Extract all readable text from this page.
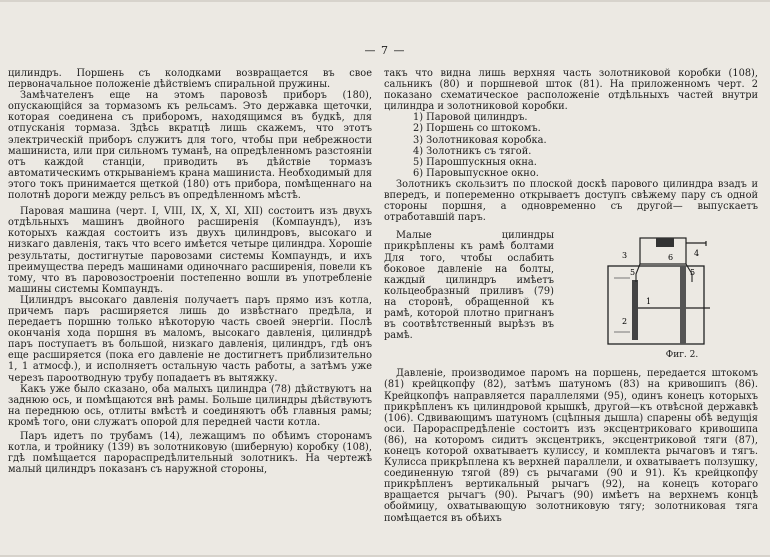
— 7 —

цилиндръ. Поршень съ колодками возвращается въ свое первоначальное положеніе дѣйствіемъ спиральной пружины.

Замѣчателенъ еще на этомъ паровозѣ приборъ (180), опускающійся за тормазомъ къ рельсамъ. Это державка щеточки, которая соединена съ приборомъ, находящимся въ будкѣ, для отпусканія тормаза. Здѣсь вкратцѣ лишь скажемъ, что этотъ электрическій приборъ служитъ для того, чтобы при небрежности машиниста, или при сильномъ туманѣ, на опредѣленномъ разстояніи отъ каждой станціи, приводить въ дѣйствіе тормазъ автоматическимъ открываніемъ крана машиниста. Необходимый для этого токъ принимается щеткой (180) отъ прибора, помѣщеннаго на полотнѣ дороги между рельсъ въ опредѣленномъ мѣстѣ.

Паровая машина (черт. I, VIII, IX, X, XI, XII) состоитъ изъ двухъ отдѣльныхъ машинъ двойного расширенія (Компаундъ), изъ которыхъ каждая состоитъ изъ двухъ цилиндровъ, высокаго и низкаго давленія, такъ что всего имѣется четыре цилиндра. Хорошіе результаты, достигнутые паровозами системы Компаундъ, и ихъ преимущества передъ машинами одиночнаго расширенія, повели къ тому, что въ паровозостроеніи постепенно вошли въ употребленіе машины системы Компаундъ.

Цилиндръ высокаго давленія получаетъ паръ прямо изъ котла, причемъ паръ расширяется лишь до извѣстнаго предѣла, и передаетъ поршню только нѣкоторую часть своей энергіи. Послѣ окончанія хода поршня въ маломъ, высокаго давленія, цилиндрѣ паръ поступаетъ въ большой, низкаго давленія, цилиндръ, гдѣ онъ еще расширяется (пока его давленіе не достигнетъ приблизительно 1, 1 атмосф.), и исполняетъ остальную часть работы, а затѣмъ уже черезъ пароотводную трубу попадаетъ въ вытяжку.

Какъ уже было сказано, оба малыхъ цилиндра (78) дѣйствуютъ на заднюю ось, и помѣщаются внѣ рамы. Больше цилиндры дѣйствуютъ на переднюю ось, отлиты вмѣстѣ и соединяютъ обѣ главныя рамы; кромѣ того, они служатъ опорой для передней части котла.

Паръ идетъ по трубамъ (14), лежащимъ по обѣимъ сторонамъ котла, и тройнику (139) въ золотниковую (шиберную) коробку (108), гдѣ помѣщается парораспредѣлительный золотникъ. На чертежѣ малый цилиндръ показанъ съ наружной стороны,

такъ что видна лишь верхняя часть золотниковой коробки (108), сальникъ (80) и поршневой шток (81). На приложенномъ черт. 2 показано схематическое расположеніе отдѣльныхъ частей внутри цилиндра и золотниковой коробки.

1) Паровой цилиндръ.
2) Поршень со штокомъ.
3) Золотниковая коробка.
4) Золотникъ съ тягой.
5) Парошпускныя окна.
6) Паровыпускное окно.

Золотникъ скользитъ по плоской доскѣ парового цилиндра взадъ и впередъ, и попеременно открываетъ доступъ свѣжему пару съ одной стороны поршня, а одновременно съ другой— выпускаетъ отработавшій паръ.

Малые цилиндры прикрѣплены къ рамѣ болтами Для того, чтобы ослабить боковое давленіе на болты, каждый цилиндръ имѣетъ кольцеобразный приливъ (79) на сторонѣ, обращенной къ рамѣ, которой плотно пригнанъ въ соотвѣтственный вырѣзъ въ рамѣ.

3	4
5	5
6
1
2
Фиг. 2.

Давленіе, производимое паромъ на поршень, передается штокомъ (81) крейцкопфу (82), затѣмъ шатуномъ (83) на кривошипъ (86). Крейцкопфъ направляется параллелями (95), одинъ конецъ которыхъ прикрѣпленъ къ цилиндровой крышкѣ, другой—къ отвѣсной державкѣ (106). Сдвивающимъ шатуномъ (сцѣпныя дышла) спарены обѣ ведущія оси. Парораспредѣленіе состоитъ изъ эксцентриковаго кривошипа (86), на которомъ сидитъ эксцентрикъ, эксцентриковой тяги (87), конецъ которой охватываетъ кулиссу, и комплекта рычаговъ и тягъ. Кулисса прикрѣплена къ верхней параллели, и охватываетъ ползушку, соединенную тягой (89) съ рычагами (90 и 91). Къ крейцкопфу прикрѣпленъ вертикальный рычагъ (92), на конецъ котораго вращается рычагъ (90). Рычагъ (90) имѣетъ на верхнемъ концѣ обоймицу, охватывающую золотниковую тягу; золотниковая тяга помѣщается въ обѣихъ
